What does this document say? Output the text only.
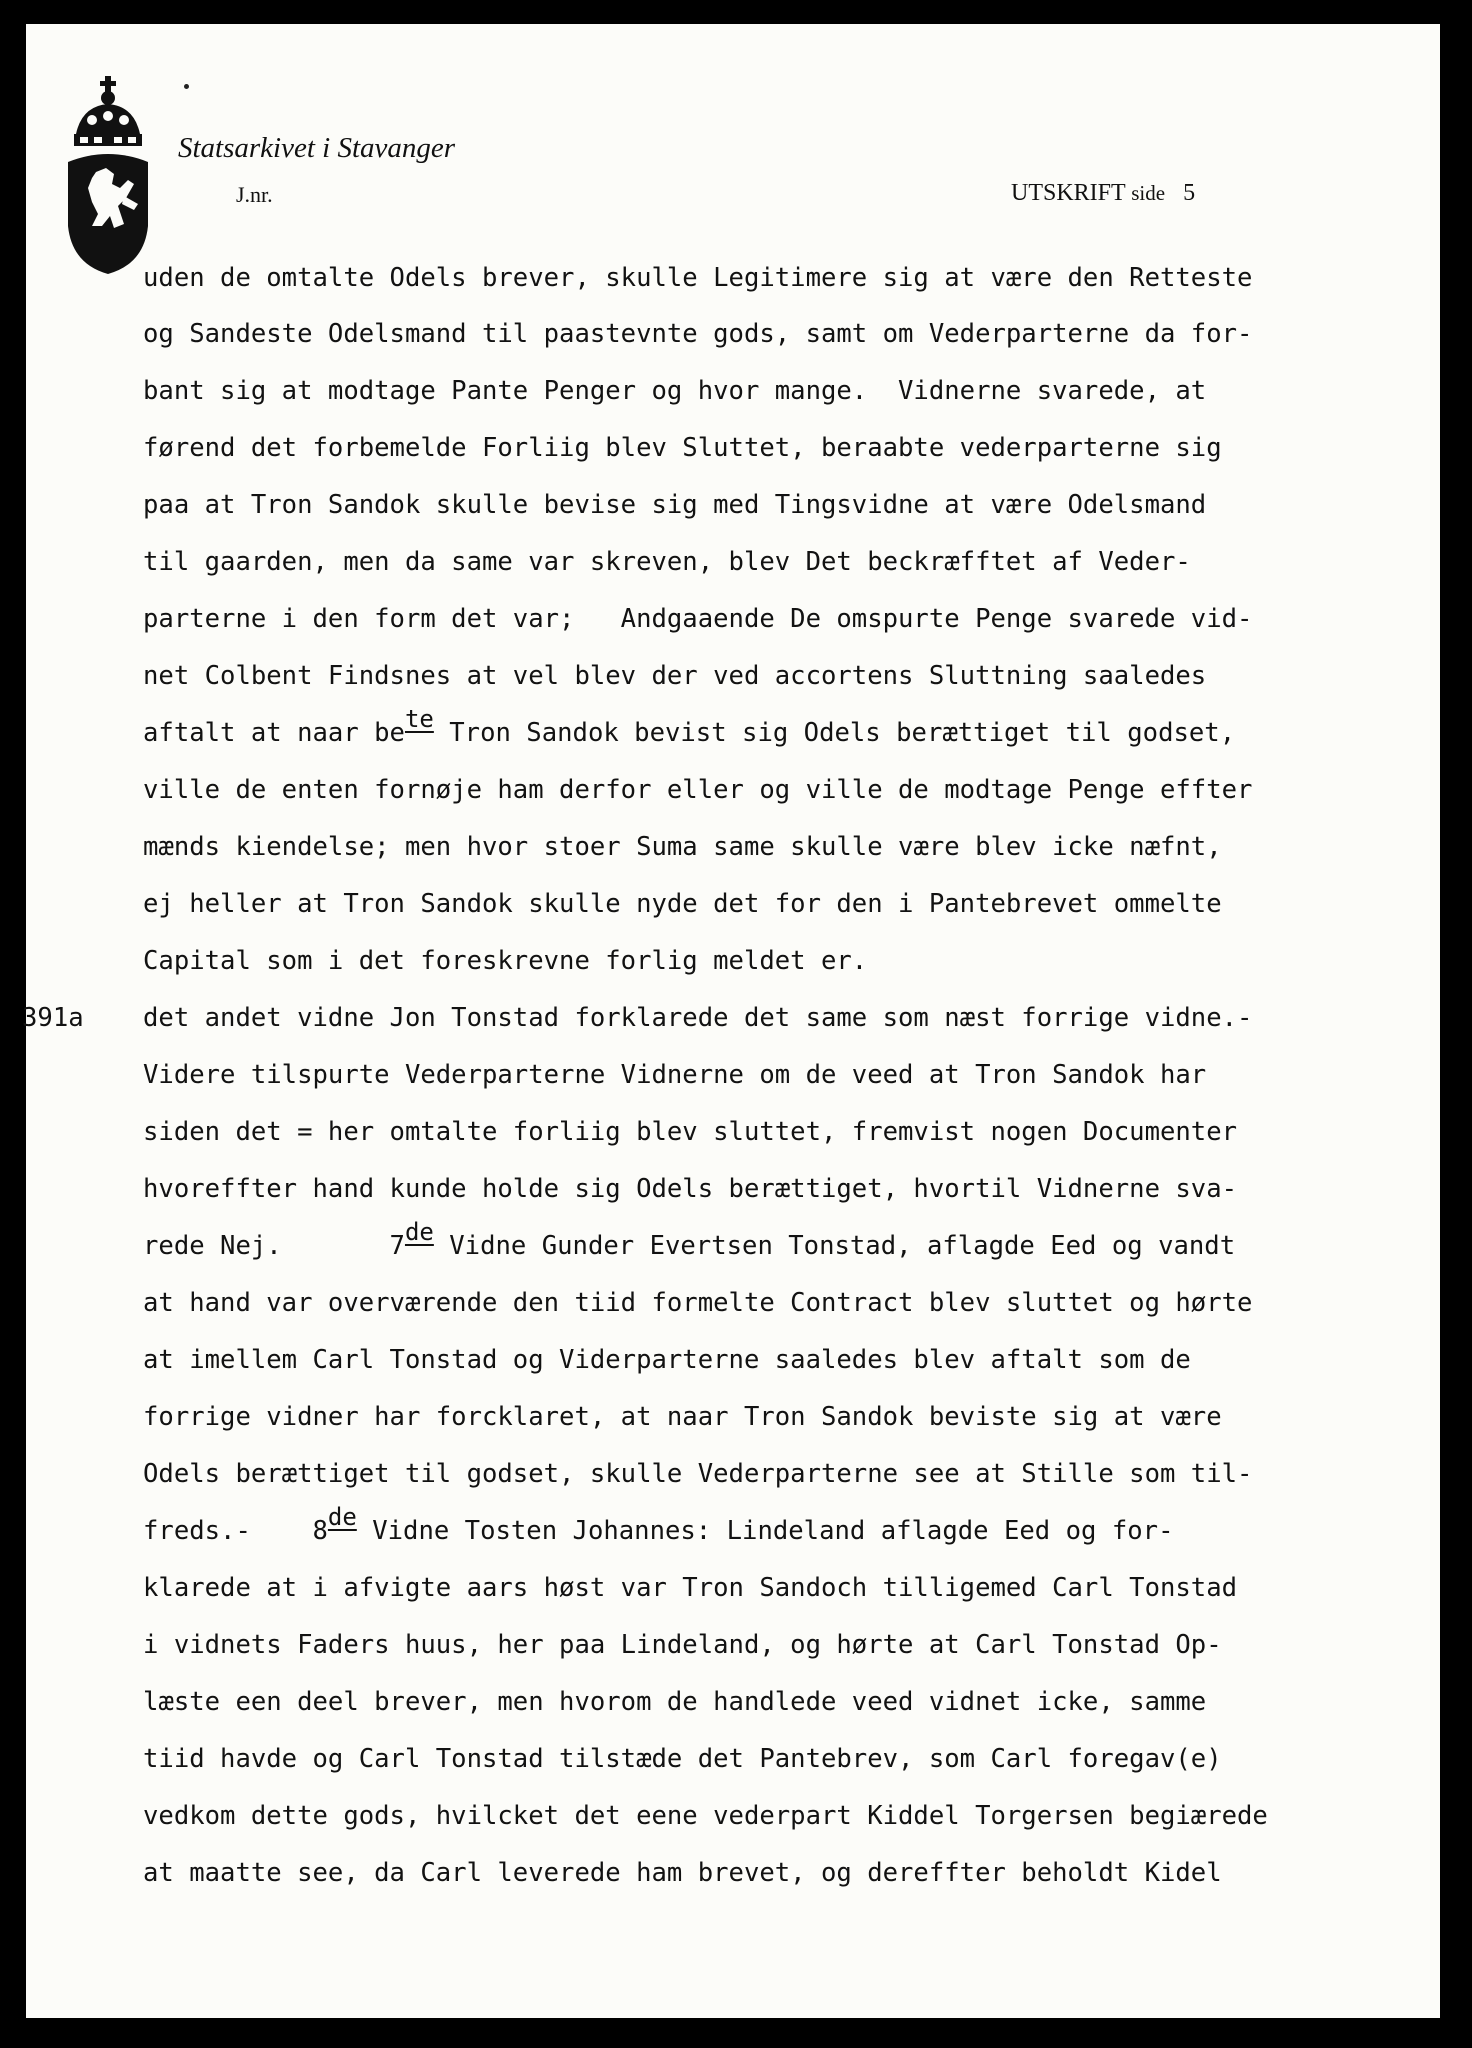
Statsarkivet i Stavanger
J.nr.	UTSKRIFT side 5
391a
uden de omtalte Odels brever, skulle Legitimere sig at være den Retteste
og Sandeste Odelsmand til paastevnte gods, samt om Vederparterne da for-
bant sig at modtage Pante Penger og hvor mange.  Vidnerne svarede, at
førend det forbemelde Forliig blev Sluttet, beraabte vederparterne sig
paa at Tron Sandok skulle bevise sig med Tingsvidne at være Odelsmand
til gaarden, men da same var skreven, blev Det beckræfftet af Veder-
parterne i den form det var;   Andgaaende De omspurte Penge svarede vid-
net Colbent Findsnes at vel blev der ved accortens Sluttning saaledes
aftalt at naar bete Tron Sandok bevist sig Odels berættiget til godset,
ville de enten fornøje ham derfor eller og ville de modtage Penge effter
mænds kiendelse; men hvor stoer Suma same skulle være blev icke næfnt,
ej heller at Tron Sandok skulle nyde det for den i Pantebrevet ommelte
Capital som i det foreskrevne forlig meldet er.
det andet vidne Jon Tonstad forklarede det same som næst forrige vidne.-
Videre tilspurte Vederparterne Vidnerne om de veed at Tron Sandok har
siden det = her omtalte forliig blev sluttet, fremvist nogen Documenter
hvoreffter hand kunde holde sig Odels berættiget, hvortil Vidnerne sva-
rede Nej.       7de Vidne Gunder Evertsen Tonstad, aflagde Eed og vandt
at hand var overværende den tiid formelte Contract blev sluttet og hørte
at imellem Carl Tonstad og Viderparterne saaledes blev aftalt som de
forrige vidner har forcklaret, at naar Tron Sandok beviste sig at være
Odels berættiget til godset, skulle Vederparterne see at Stille som til-
freds.-    8de Vidne Tosten Johannes: Lindeland aflagde Eed og for-
klarede at i afvigte aars høst var Tron Sandoch tilligemed Carl Tonstad
i vidnets Faders huus, her paa Lindeland, og hørte at Carl Tonstad Op-
læste een deel brever, men hvorom de handlede veed vidnet icke, samme
tiid havde og Carl Tonstad tilstæde det Pantebrev, som Carl foregav(e)
vedkom dette gods, hvilcket det eene vederpart Kiddel Torgersen begiærede
at maatte see, da Carl leverede ham brevet, og dereffter beholdt Kidel
